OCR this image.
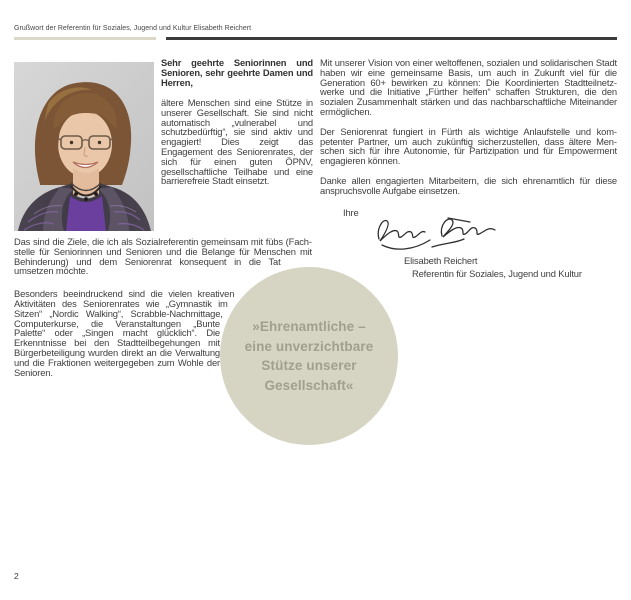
Grußwort der Referentin für Soziales, Jugend und Kultur Elisabeth Reichert
Sehr geehrte Seniorinnen und Senioren, sehr geehrte Damen und Herren,
ältere Menschen sind eine Stütze in unserer Gesellschaft. Sie sind nicht automatisch „vulnerabel und schutzbedürftig“, sie sind aktiv und engagiert! Dies zeigt das Engagement des Seniorenrates, der sich für einen guten ÖPNV, gesellschaftliche Teilhabe und eine barrierefreie Stadt einsetzt.
Mit unserer Vision von einer weltoffenen, sozialen und solidarischen Stadt haben wir eine gemeinsame Basis, um auch in Zukunft viel für die Generation 60+ bewirken zu können: Die Koordinierten Stadtteilnetzwerke und die Initiative „Fürther helfen“ schaffen Strukturen, die den sozialen Zusammenhalt stärken und das nachbarschaftliche Miteinander ermöglichen.
Der Seniorenrat fungiert in Fürth als wichtige Anlaufstelle und kompetenter Partner, um auch zukünftig sicherzustellen, dass ältere Menschen sich für ihre Autonomie, für Partizipation und für Empowerment engagieren können.
Danke allen engagierten Mitarbeitern, die sich ehrenamtlich für diese anspruchsvolle Aufgabe einsetzen.
Ihre
Elisabeth Reichert
Referentin für Soziales, Jugend und Kultur
Das sind die Ziele, die ich als Sozialreferentin gemeinsam mit fübs (Fachstelle für Seniorinnen und Senioren und die Belange für Menschen mit Behinderung) und dem Seniorenrat konsequent in die Tat umsetzen möchte.
Besonders beeindruckend sind die vielen kreativen Aktivitäten des Seniorenrates wie „Gymnastik im Sitzen“ „Nordic Walking“, Scrabble-Nachmittage, Computerkurse, die Veranstaltungen „Bunte Palette“ oder „Singen macht glücklich“. Die Erkenntnisse bei den Stadtteilbegehungen mit Bürgerbeteiligung wurden direkt an die Verwaltung und die Fraktionen weitergegeben zum Wohle der Senioren.
»Ehrenamtliche –
eine unverzichtbare
Stütze unserer
Gesellschaft«
2
